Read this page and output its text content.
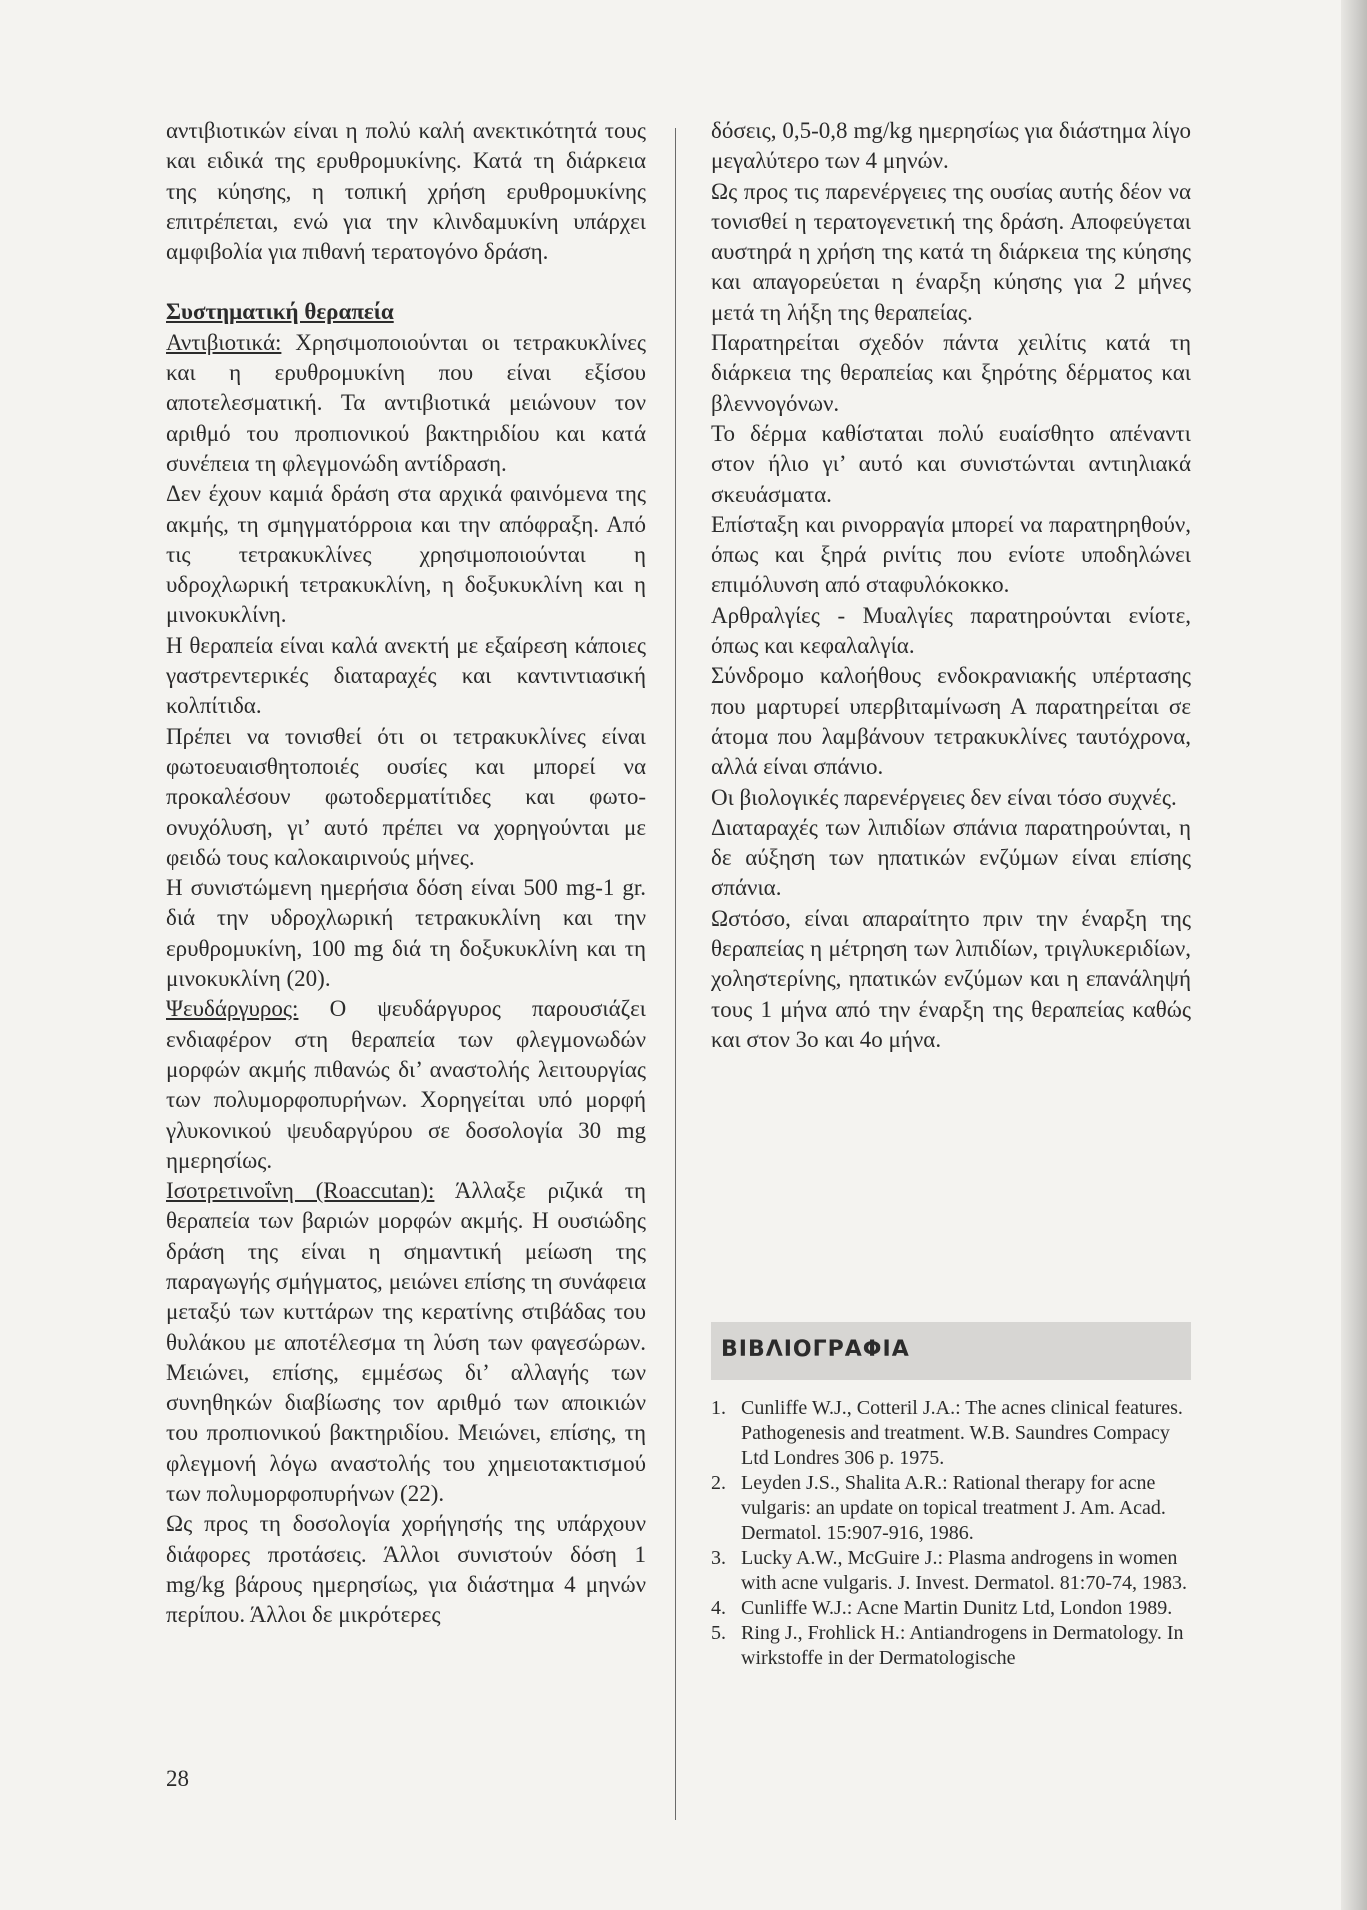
αντιβιοτικών είναι η πολύ καλή ανεκτικότητά τους και ειδικά της ερυθρομυκίνης. Κατά τη διάρκεια της κύησης, η τοπική χρήση ερυθρομυκίνης επιτρέπεται, ενώ για την κλινδαμυκίνη υπάρχει αμφιβολία για πιθανή τερατογόνο δράση.

Συστηματική θεραπεία

Αντιβιοτικά: Χρησιμοποιούνται οι τετρακυκλίνες και η ερυθρομυκίνη που είναι εξίσου αποτελεσματική. Τα αντιβιοτικά μειώνουν τον αριθμό του προπιονικού βακτηριδίου και κατά συνέπεια τη φλεγμονώδη αντίδραση.

Δεν έχουν καμιά δράση στα αρχικά φαινόμενα της ακμής, τη σμηγματόρροια και την απόφραξη. Από τις τετρακυκλίνες χρησιμοποιούνται η υδροχλωρική τετρακυκλίνη, η δοξυκυκλίνη και η μινοκυκλίνη.

Η θεραπεία είναι καλά ανεκτή με εξαίρεση κάποιες γαστρεντερικές διαταραχές και καντιντιασική κολπίτιδα.

Πρέπει να τονισθεί ότι οι τετρακυκλίνες είναι φωτοευαισθητοποιές ουσίες και μπορεί να προκαλέσουν φωτοδερματίτιδες και φωτο-ονυχόλυση, γι’ αυτό πρέπει να χορηγούνται με φειδώ τους καλοκαιρινούς μήνες.

Η συνιστώμενη ημερήσια δόση είναι 500 mg-1 gr. διά την υδροχλωρική τετρακυκλίνη και την ερυθρομυκίνη, 100 mg διά τη δοξυκυκλίνη και τη μινοκυκλίνη (20).

Ψευδάργυρος: Ο ψευδάργυρος παρουσιάζει ενδιαφέρον στη θεραπεία των φλεγμονωδών μορφών ακμής πιθανώς δι’ αναστολής λειτουργίας των πολυμορφοπυρήνων. Χορηγείται υπό μορφή γλυκονικού ψευδαργύρου σε δοσολογία 30 mg ημερησίως.

Ισοτρετινοΐνη (Roaccutan): Άλλαξε ριζικά τη θεραπεία των βαριών μορφών ακμής. Η ουσιώδης δράση της είναι η σημαντική μείωση της παραγωγής σμήγματος, μειώνει επίσης τη συνάφεια μεταξύ των κυττάρων της κερατίνης στιβάδας του θυλάκου με αποτέλεσμα τη λύση των φαγεσώρων. Μειώνει, επίσης, εμμέσως δι’ αλλαγής των συνηθηκών διαβίωσης τον αριθμό των αποικιών του προπιονικού βακτηριδίου. Μειώνει, επίσης, τη φλεγμονή λόγω αναστολής του χημειοτακτισμού των πολυμορφοπυρήνων (22).

Ως προς τη δοσολογία χορήγησής της υπάρχουν διάφορες προτάσεις. Άλλοι συνιστούν δόση 1 mg/kg βάρους ημερησίως, για διάστημα 4 μηνών περίπου. Άλλοι δε μικρότερες

δόσεις, 0,5-0,8 mg/kg ημερησίως για διάστημα λίγο μεγαλύτερο των 4 μηνών.

Ως προς τις παρενέργειες της ουσίας αυτής δέον να τονισθεί η τερατογενετική της δράση. Αποφεύγεται αυστηρά η χρήση της κατά τη διάρκεια της κύησης και απαγορεύεται η έναρξη κύησης για 2 μήνες μετά τη λήξη της θεραπείας.

Παρατηρείται σχεδόν πάντα χειλίτις κατά τη διάρκεια της θεραπείας και ξηρότης δέρματος και βλεννογόνων.

Το δέρμα καθίσταται πολύ ευαίσθητο απέναντι στον ήλιο γι’ αυτό και συνιστώνται αντιηλιακά σκευάσματα.

Επίσταξη και ρινορραγία μπορεί να παρατηρηθούν, όπως και ξηρά ρινίτις που ενίοτε υποδηλώνει επιμόλυνση από σταφυλόκοκκο.

Αρθραλγίες - Μυαλγίες παρατηρούνται ενίοτε, όπως και κεφαλαλγία.

Σύνδρομο καλοήθους ενδοκρανιακής υπέρτασης που μαρτυρεί υπερβιταμίνωση Α παρατηρείται σε άτομα που λαμβάνουν τετρακυκλίνες ταυτόχρονα, αλλά είναι σπάνιο.

Οι βιολογικές παρενέργειες δεν είναι τόσο συχνές.

Διαταραχές των λιπιδίων σπάνια παρατηρούνται, η δε αύξηση των ηπατικών ενζύμων είναι επίσης σπάνια.

Ωστόσο, είναι απαραίτητο πριν την έναρξη της θεραπείας η μέτρηση των λιπιδίων, τριγλυκεριδίων, χοληστερίνης, ηπατικών ενζύμων και η επανάληψή τους 1 μήνα από την έναρξη της θεραπείας καθώς και στον 3ο και 4ο μήνα.

ΒΙΒΛΙΟΓΡΑΦΙΑ
1. Cunliffe W.J., Cotteril J.A.: The acnes clinical features. Pathogenesis and treatment. W.B. Saundres Compacy Ltd Londres 306 p. 1975.
2. Leyden J.S., Shalita A.R.: Rational therapy for acne vulgaris: an update on topical treatment J. Am. Acad. Dermatol. 15:907-916, 1986.
3. Lucky A.W., McGuire J.: Plasma androgens in women with acne vulgaris. J. Invest. Dermatol. 81:70-74, 1983.
4. Cunliffe W.J.: Acne Martin Dunitz Ltd, London 1989.
5. Ring J., Frohlick H.: Antiandrogens in Dermatology. In wirkstoffe in der Dermatologische
28
